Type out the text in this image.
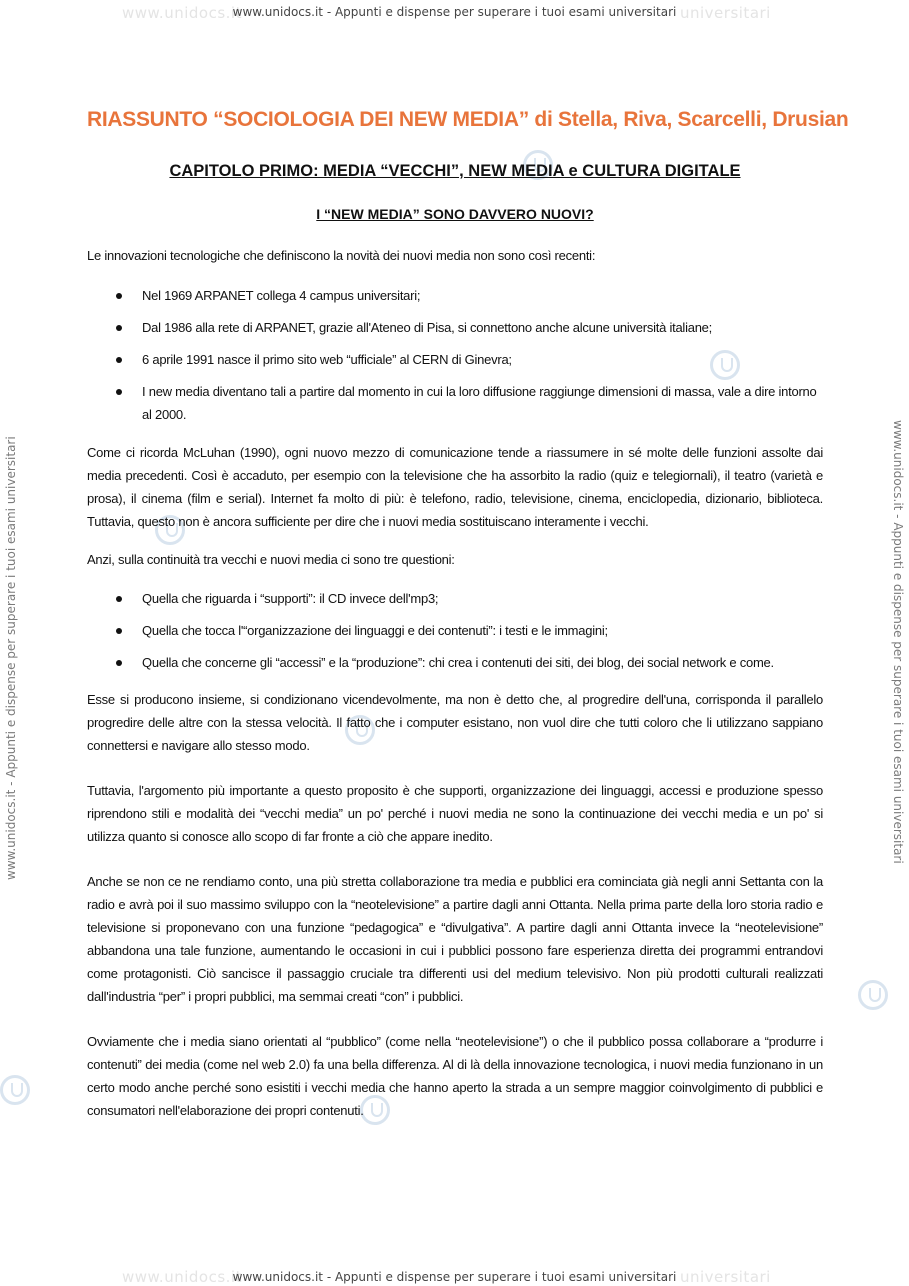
www.unidocs.it	universitari
www.unidocs.it	universitari
www.unidocs.it - Appunti e dispense per superare i tuoi esami universitari
www.unidocs.it - Appunti e dispense per superare i tuoi esami universitari
www.unidocs.it - Appunti e dispense per superare i tuoi esami universitari	www.unidocs.it - Appunti e dispense per superare i tuoi esami universitari
RIASSUNTO “SOCIOLOGIA DEI NEW MEDIA” di Stella, Riva, Scarcelli, Drusian
CAPITOLO PRIMO: MEDIA “VECCHI”, NEW MEDIA e CULTURA DIGITALE
I “NEW MEDIA” SONO DAVVERO NUOVI?

Le innovazioni tecnologiche che definiscono la novità dei nuovi media non sono così recenti:

Nel 1969 ARPANET collega 4 campus universitari;
Dal 1986 alla rete di ARPANET, grazie all'Ateneo di Pisa, si connettono anche alcune università italiane;
6 aprile 1991 nasce il primo sito web “ufficiale” al CERN di Ginevra;
I new media diventano tali a partire dal momento in cui la loro diffusione raggiunge dimensioni di massa, vale a dire intorno al 2000.

Come ci ricorda McLuhan (1990), ogni nuovo mezzo di comunicazione tende a riassumere in sé molte delle funzioni assolte dai media precedenti. Così è accaduto, per esempio con la televisione che ha assorbito la radio (quiz e telegiornali), il teatro (varietà e prosa), il cinema (film e serial). Internet fa molto di più: è telefono, radio, televisione, cinema, enciclopedia, dizionario, biblioteca. Tuttavia, questo non è ancora sufficiente per dire che i nuovi media sostituiscano interamente i vecchi.

Anzi, sulla continuità tra vecchi e nuovi media ci sono tre questioni:

Quella che riguarda i “supporti”: il CD invece dell'mp3;
Quella che tocca l'“organizzazione dei linguaggi e dei contenuti”: i testi e le immagini;
Quella che concerne gli “accessi” e la “produzione”: chi crea i contenuti dei siti, dei blog, dei social network e come.

Esse si producono insieme, si condizionano vicendevolmente, ma non è detto che, al progredire dell'una, corrisponda il parallelo progredire delle altre con la stessa velocità. Il fatto che i computer esistano, non vuol dire che tutti coloro che li utilizzano sappiano connettersi e navigare allo stesso modo.

Tuttavia, l'argomento più importante a questo proposito è che supporti, organizzazione dei linguaggi, accessi e produzione spesso riprendono stili e modalità dei “vecchi media” un po' perché i nuovi media ne sono la continuazione dei vecchi media e un po' si utilizza quanto si conosce allo scopo di far fronte a ciò che appare inedito.

Anche se non ce ne rendiamo conto, una più stretta collaborazione tra media e pubblici era cominciata già negli anni Settanta con la radio e avrà poi il suo massimo sviluppo con la “neotelevisione” a partire dagli anni Ottanta. Nella prima parte della loro storia radio e televisione si proponevano con una funzione “pedagogica” e “divulgativa”. A partire dagli anni Ottanta invece la “neotelevisione” abbandona una tale funzione, aumentando le occasioni in cui i pubblici possono fare esperienza diretta dei programmi entrandovi come protagonisti. Ciò sancisce il passaggio cruciale tra differenti usi del medium televisivo. Non più prodotti culturali realizzati dall'industria “per” i propri pubblici, ma semmai creati “con” i pubblici.

Ovviamente che i media siano orientati al “pubblico” (come nella “neotelevisione”) o che il pubblico possa collaborare a “produrre i contenuti” dei media (come nel web 2.0) fa una bella differenza. Al di là della innovazione tecnologica, i nuovi media funzionano in un certo modo anche perché sono esistiti i vecchi media che hanno aperto la strada a un sempre maggior coinvolgimento di pubblici e consumatori nell'elaborazione dei propri contenuti.
